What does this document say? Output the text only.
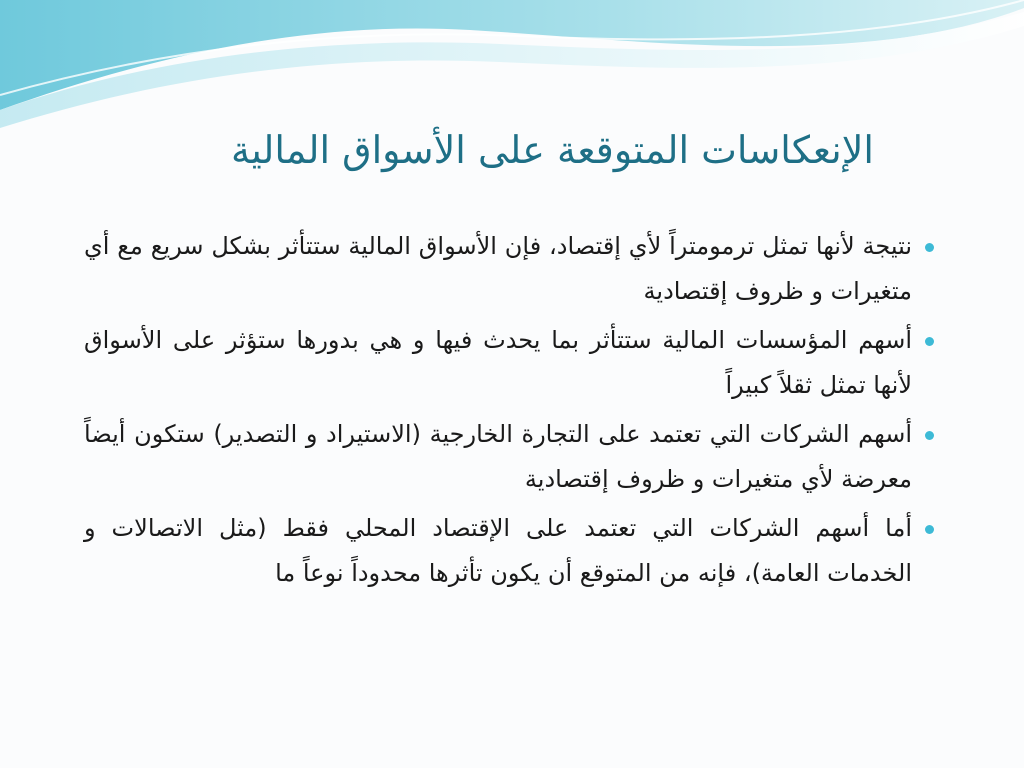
الإنعكاسات المتوقعة على الأسواق المالية
نتيجة لأنها تمثل ترمومتراً لأي إقتصاد، فإن الأسواق المالية ستتأثر بشكل سريع مع أي متغيرات و ظروف إقتصادية
أسهم المؤسسات المالية ستتأثر بما يحدث فيها و هي بدورها ستؤثر على الأسواق لأنها تمثل ثقلاً كبيراً
أسهم الشركات التي تعتمد على التجارة الخارجية (الاستيراد و التصدير) ستكون أيضاً معرضة لأي متغيرات و ظروف إقتصادية
أما أسهم الشركات التي تعتمد على الإقتصاد المحلي فقط (مثل الاتصالات و الخدمات العامة)، فإنه من المتوقع أن يكون تأثرها محدوداً نوعاً ما
